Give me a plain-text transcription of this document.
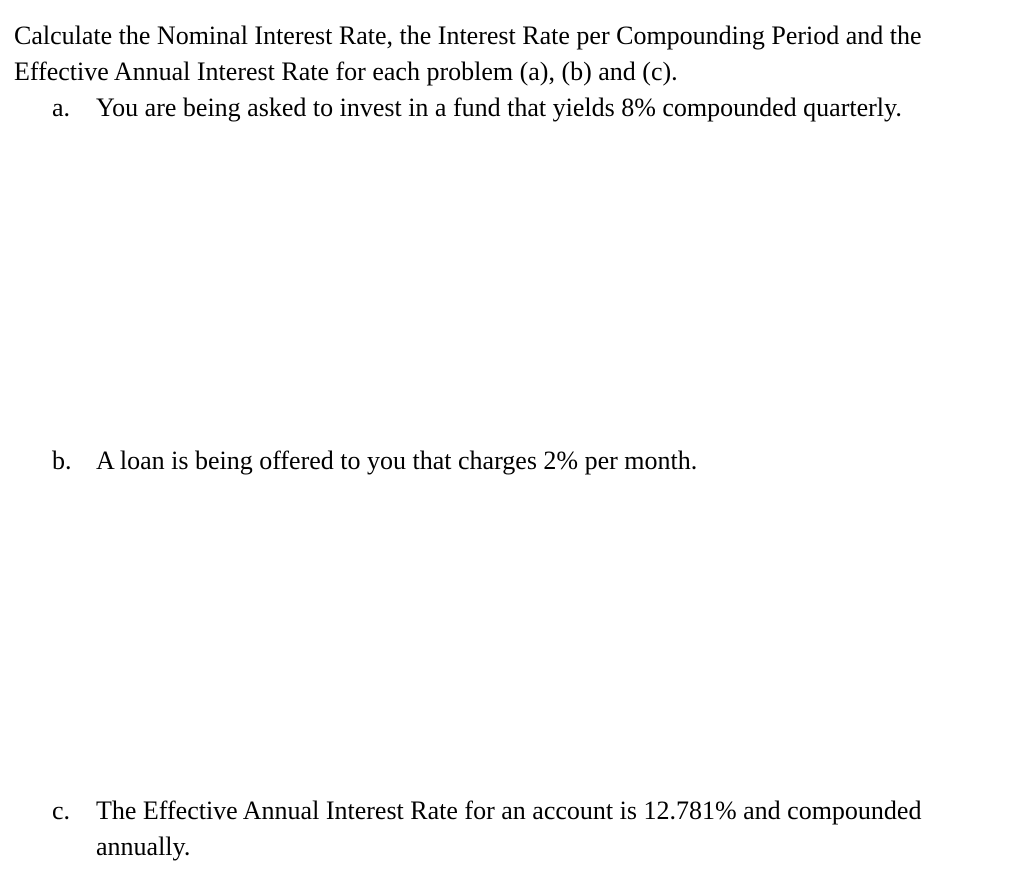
Calculate the Nominal Interest Rate, the Interest Rate per Compounding Period and the Effective Annual Interest Rate for each problem (a), (b) and (c).

a. You are being asked to invest in a fund that yields 8% compounded quarterly.
b. A loan is being offered to you that charges 2% per month.
c. The Effective Annual Interest Rate for an account is 12.781% and compounded annually.
